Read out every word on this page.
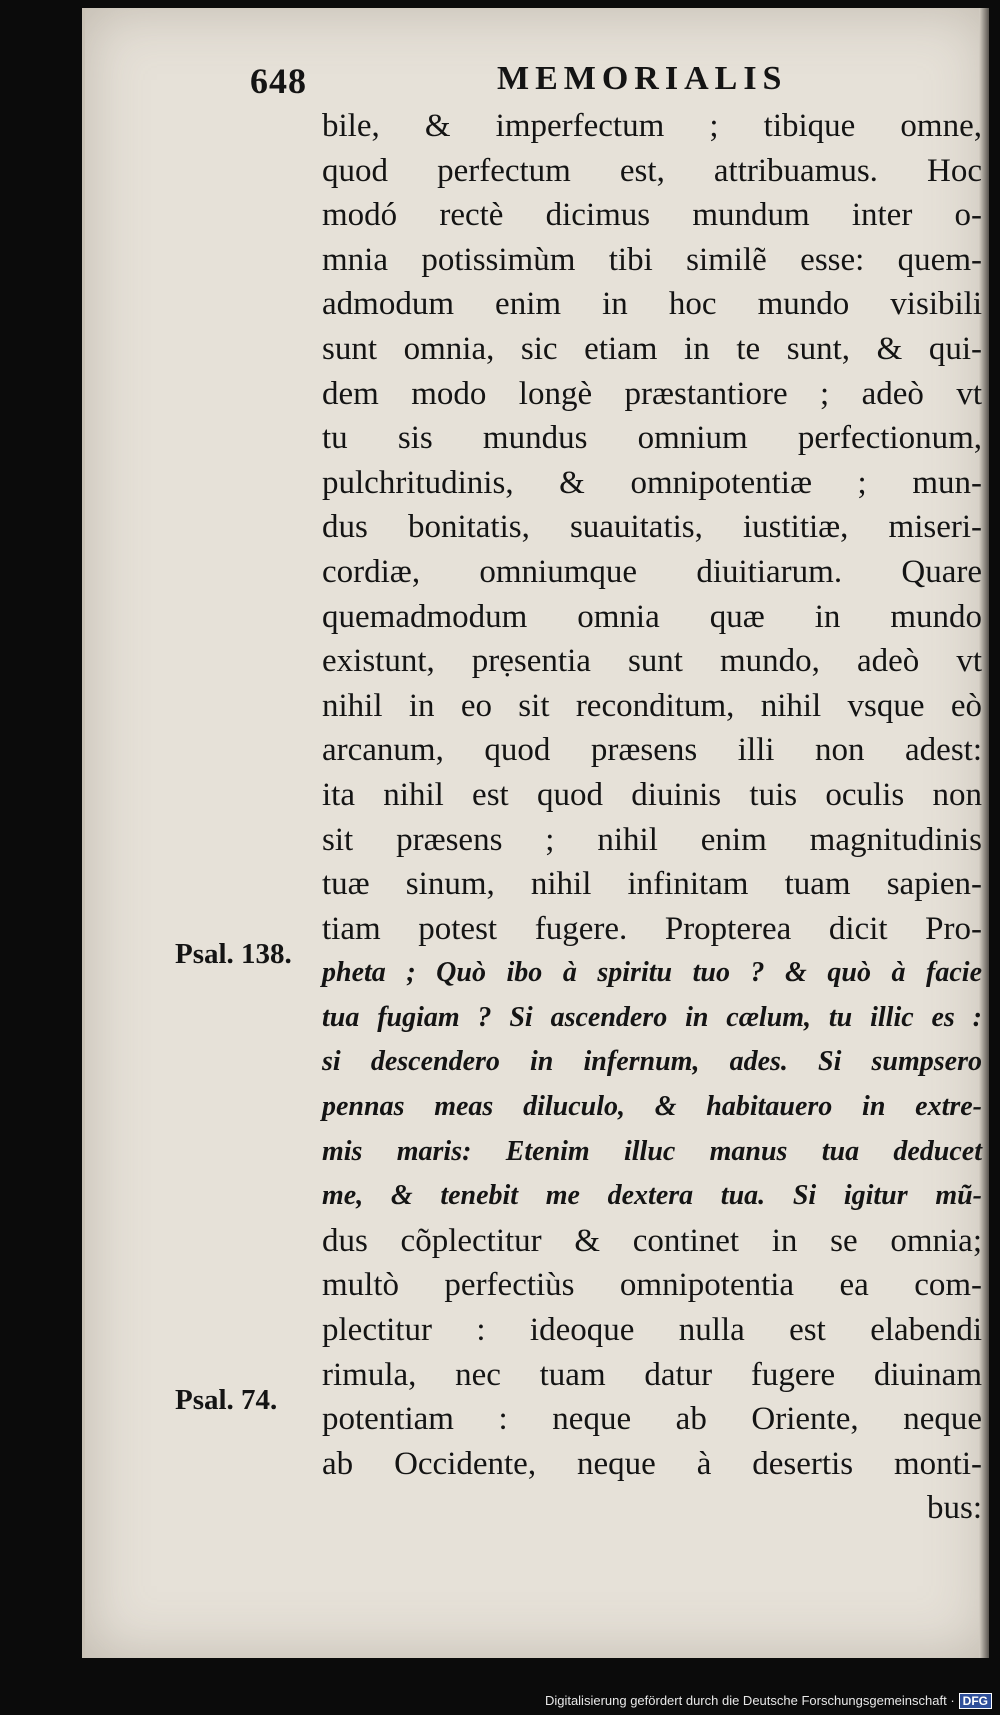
648	MEMORIALIS
Psal. 138.
Psal. 74.
bile, & imperfectum ; tibique omne,
quod perfectum est, attribuamus. Hoc
modó rectè dicimus mundum inter o-
mnia potissimùm tibi similẽ esse: quem-
admodum enim in hoc mundo visibili
sunt omnia, sic etiam in te sunt, & qui-
dem modo longè præstantiore ; adeò vt
tu sis mundus omnium perfectionum,
pulchritudinis, & omnipotentiæ ; mun-
dus bonitatis, suauitatis, iustitiæ, miseri-
cordiæ, omniumque diuitiarum. Quare
quemadmodum omnia quæ in mundo
existunt, prẹsentia sunt mundo, adeò vt
nihil in eo sit reconditum, nihil vsque eò
arcanum, quod præsens illi non adest:
ita nihil est quod diuinis tuis oculis non
sit præsens ; nihil enim magnitudinis
tuæ sinum, nihil infinitam tuam sapien-
tiam potest fugere. Propterea dicit Pro-
pheta ; Quò ibo à spiritu tuo ? & quò à facie
tua fugiam ? Si ascendero in cælum, tu illic es :
si descendero in infernum, ades. Si sumpsero
pennas meas diluculo, & habitauero in extre-
mis maris: Etenim illuc manus tua deducet
me, & tenebit me dextera tua. Si igitur mũ-
dus cõplectitur & continet in se omnia;
multò perfectiùs omnipotentia ea com-
plectitur : ideoque nulla est elabendi
rimula, nec tuam datur fugere diuinam
potentiam : neque ab Oriente, neque
ab Occidente, neque à desertis monti-
bus:
Digitalisierung gefördert durch die Deutsche Forschungsgemeinschaft · DFG
